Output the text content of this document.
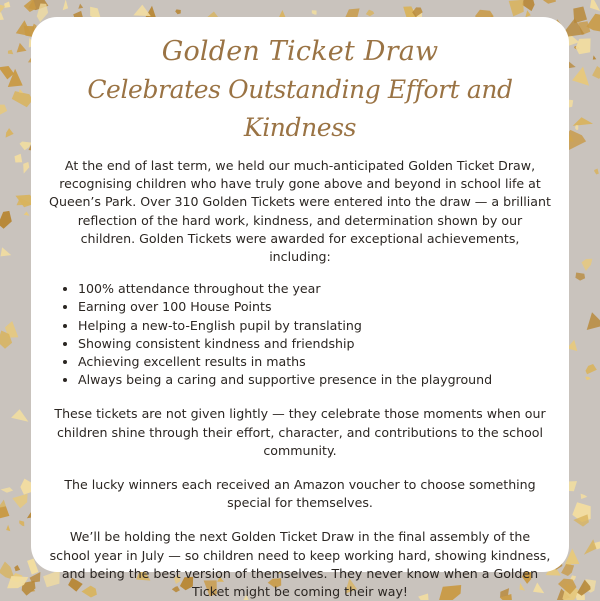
Golden Ticket Draw
Celebrates Outstanding Effort and Kindness

At the end of last term, we held our much-anticipated Golden Ticket Draw, recognising children who have truly gone above and beyond in school life at Queen’s Park. Over 310 Golden Tickets were entered into the draw — a brilliant reflection of the hard work, kindness, and determination shown by our children. Golden Tickets were awarded for exceptional achievements, including:

• 100% attendance throughout the year
• Earning over 100 House Points
• Helping a new-to-English pupil by translating
• Showing consistent kindness and friendship
• Achieving excellent results in maths
• Always being a caring and supportive presence in the playground

These tickets are not given lightly — they celebrate those moments when our children shine through their effort, character, and contributions to the school community.

The lucky winners each received an Amazon voucher to choose something special for themselves.

We’ll be holding the next Golden Ticket Draw in the final assembly of the school year in July — so children need to keep working hard, showing kindness, and being the best version of themselves. They never know when a Golden Ticket might be coming their way!
